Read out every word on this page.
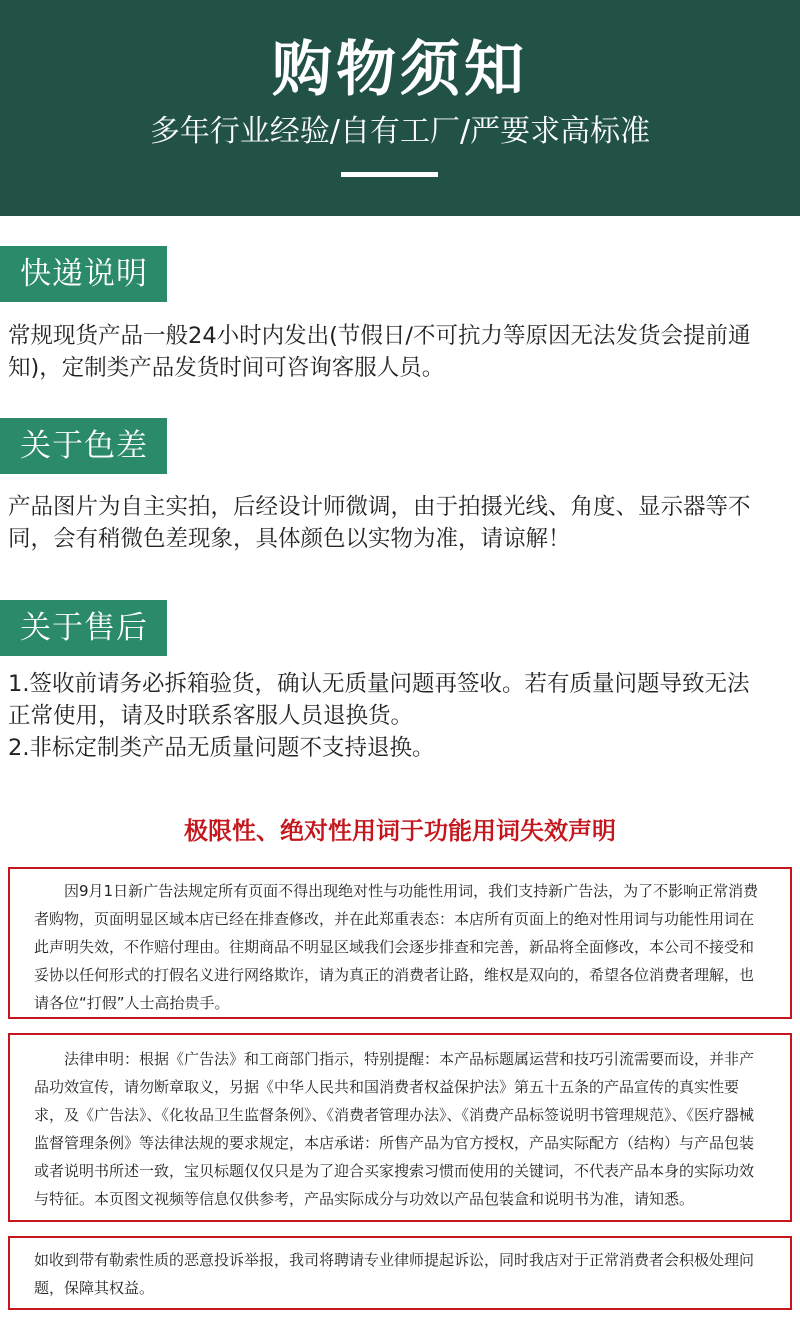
购物须知
多年行业经验/自有工厂/严要求高标准
快递说明
常规现货产品一般24小时内发出(节假日/不可抗力等原因无法发货会提前通
知)，定制类产品发货时间可咨询客服人员。
关于色差
产品图片为自主实拍，后经设计师微调，由于拍摄光线、角度、显示器等不
同，会有稍微色差现象，具体颜色以实物为准，请谅解！
关于售后
1.签收前请务必拆箱验货，确认无质量问题再签收。若有质量问题导致无法
正常使用，请及时联系客服人员退换货。
2.非标定制类产品无质量问题不支持退换。
极限性、绝对性用词于功能用词失效声明
因9月1日新广告法规定所有页面不得出现绝对性与功能性用词，我们支持新广告法，为了不影响正常消费者购物，页面明显区域本店已经在排查修改，并在此郑重表态：本店所有页面上的绝对性用词与功能性用词在此声明失效，不作赔付理由。往期商品不明显区域我们会逐步排查和完善，新品将全面修改，本公司不接受和妥协以任何形式的打假名义进行网络欺诈，请为真正的消费者让路，维权是双向的，希望各位消费者理解，也请各位“打假”人士高抬贵手。
法律申明：根据《广告法》和工商部门指示，特别提醒：本产品标题属运营和技巧引流需要而设，并非产品功效宣传，请勿断章取义，另据《中华人民共和国消费者权益保护法》第五十五条的产品宣传的真实性要求，及《广告法》、《化妆品卫生监督条例》、《消费者管理办法》、《消费产品标签说明书管理规范》、《医疗器械监督管理条例》等法律法规的要求规定，本店承诺：所售产品为官方授权，产品实际配方（结构）与产品包装或者说明书所述一致，宝贝标题仅仅只是为了迎合买家搜索习惯而使用的关键词，不代表产品本身的实际功效与特征。本页图文视频等信息仅供参考，产品实际成分与功效以产品包装盒和说明书为准，请知悉。
如收到带有勒索性质的恶意投诉举报，我司将聘请专业律师提起诉讼，同时我店对于正常消费者会积极处理问题，保障其权益。
